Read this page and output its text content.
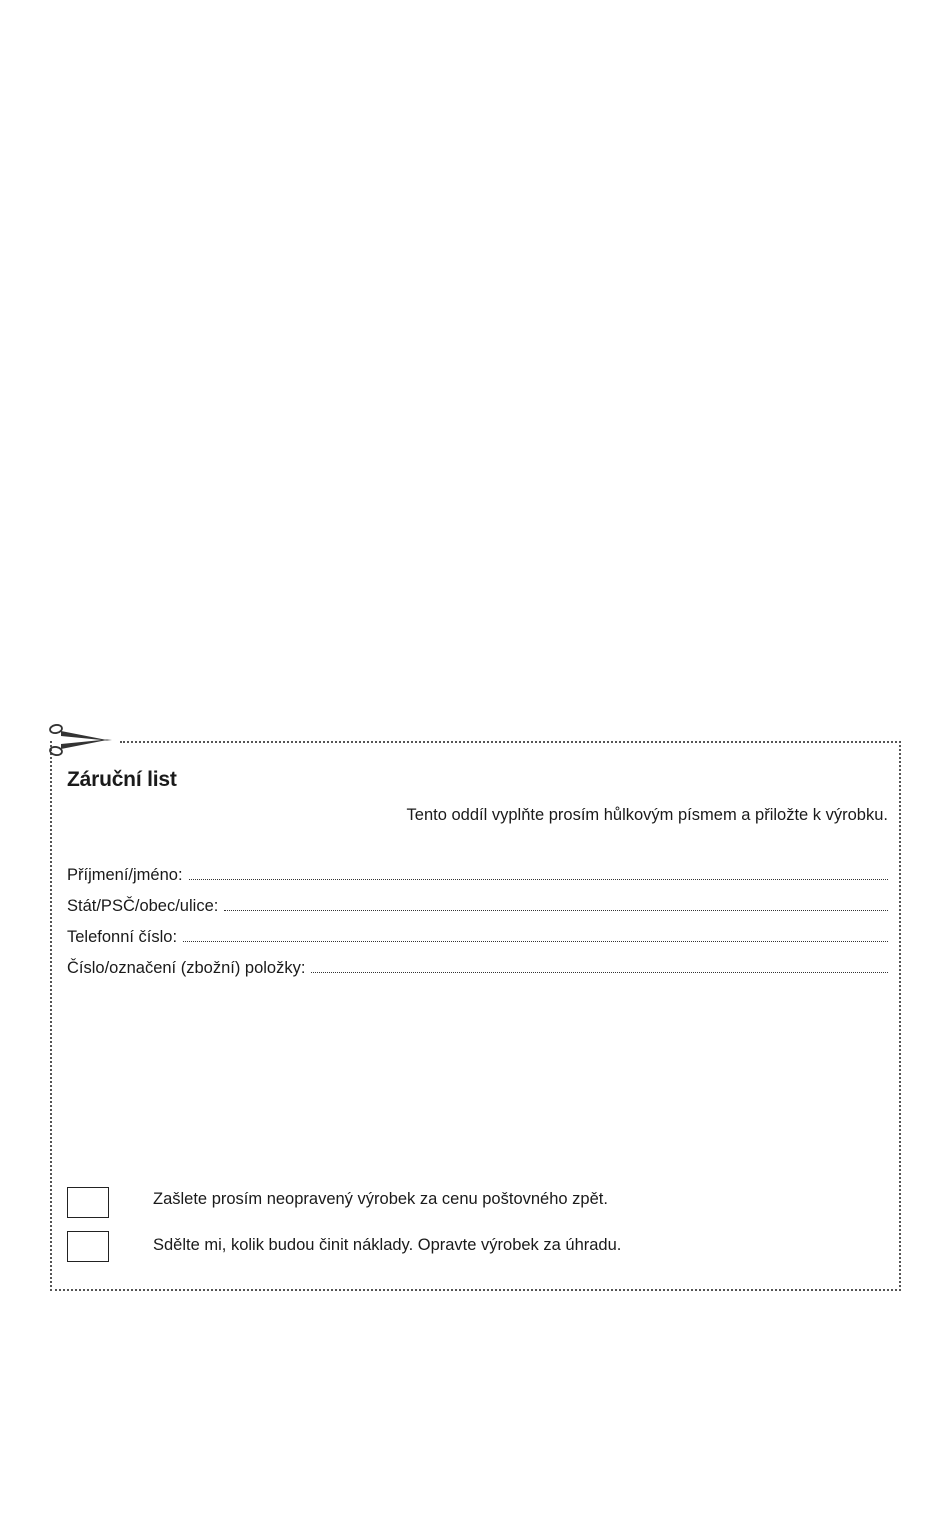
Záruční list

Tento oddíl vyplňte prosím hůlkovým písmem a přiložte k výrobku.

Příjmení/jméno:
Stát/PSČ/obec/ulice:
Telefonní číslo:
Číslo/označení (zbožní) položky:
Zašlete prosím neopravený výrobek za cenu poštovného zpět.
Sdělte mi, kolik budou činit náklady. Opravte výrobek za úhradu.
